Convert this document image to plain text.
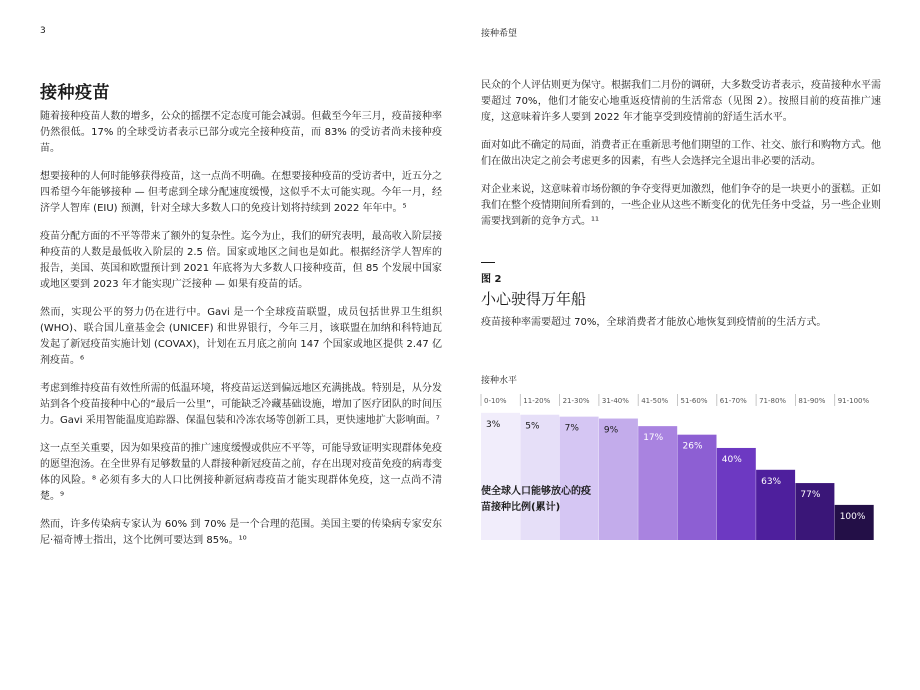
3	接种希望
接种疫苗

随着接种疫苗人数的增多，公众的摇摆不定态度可能会减弱。但截至今年三月，疫苗接种率仍然很低。17% 的全球受访者表示已部分或完全接种疫苗，而 83% 的受访者尚未接种疫苗。

想要接种的人何时能够获得疫苗，这一点尚不明确。在想要接种疫苗的受访者中，近五分之四希望今年能够接种 — 但考虑到全球分配速度缓慢，这似乎不太可能实现。今年一月，经济学人智库 (EIU) 预测，针对全球大多数人口的免疫计划将持续到 2022 年年中。⁵

疫苗分配方面的不平等带来了额外的复杂性。迄今为止，我们的研究表明，最高收入阶层接种疫苗的人数是最低收入阶层的 2.5 倍。国家或地区之间也是如此。根据经济学人智库的报告，美国、英国和欧盟预计到 2021 年底将为大多数人口接种疫苗，但 85 个发展中国家或地区要到 2023 年才能实现广泛接种 — 如果有疫苗的话。

然而，实现公平的努力仍在进行中。Gavi 是一个全球疫苗联盟，成员包括世界卫生组织 (WHO)、联合国儿童基金会 (UNICEF) 和世界银行，今年三月，该联盟在加纳和科特迪瓦发起了新冠疫苗实施计划 (COVAX)，计划在五月底之前向 147 个国家或地区提供 2.47 亿剂疫苗。⁶

考虑到维持疫苗有效性所需的低温环境，将疫苗运送到偏远地区充满挑战。特别是，从分发站到各个疫苗接种中心的“最后一公里”，可能缺乏冷藏基础设施，增加了医疗团队的时间压力。Gavi 采用智能温度追踪器、保温包装和冷冻农场等创新工具，更快速地扩大影响面。⁷

这一点至关重要，因为如果疫苗的推广速度缓慢或供应不平等，可能导致证明实现群体免疫的愿望泡汤。在全世界有足够数量的人群接种新冠疫苗之前，存在出现对疫苗免疫的病毒变体的风险。⁸ 必须有多大的人口比例接种新冠病毒疫苗才能实现群体免疫，这一点尚不清楚。⁹

然而，许多传染病专家认为 60% 到 70% 是一个合理的范围。美国主要的传染病专家安东尼·福奇博士指出，这个比例可要达到 85%。¹⁰

民众的个人评估则更为保守。根据我们二月份的调研，大多数受访者表示，疫苗接种水平需要超过 70%，他们才能安心地重返疫情前的生活常态（见图 2）。按照目前的疫苗推广速度，这意味着许多人要到 2022 年才能享受到疫情前的舒适生活水平。

面对如此不确定的局面，消费者正在重新思考他们期望的工作、社交、旅行和购物方式。他们在做出决定之前会考虑更多的因素，有些人会选择完全退出非必要的活动。

对企业来说，这意味着市场份额的争夺变得更加激烈，他们争夺的是一块更小的蛋糕。正如我们在整个疫情期间所看到的，一些企业从这些不断变化的优先任务中受益，另一些企业则需要找到新的竞争方式。¹¹

图 2
小心驶得万年船
疫苗接种率需要超过 70%，全球消费者才能放心地恢复到疫情前的生活方式。
接种水平
0-10% 11-20% 21-30% 31-40% 41-50% 51-60% 61-70% 71-80% 81-90% 91-100%
3%	5%	7%	9%
17%
26%
40%
63%
77%
100%
使全球人口能够放心的疫
苗接种比例(累计)
